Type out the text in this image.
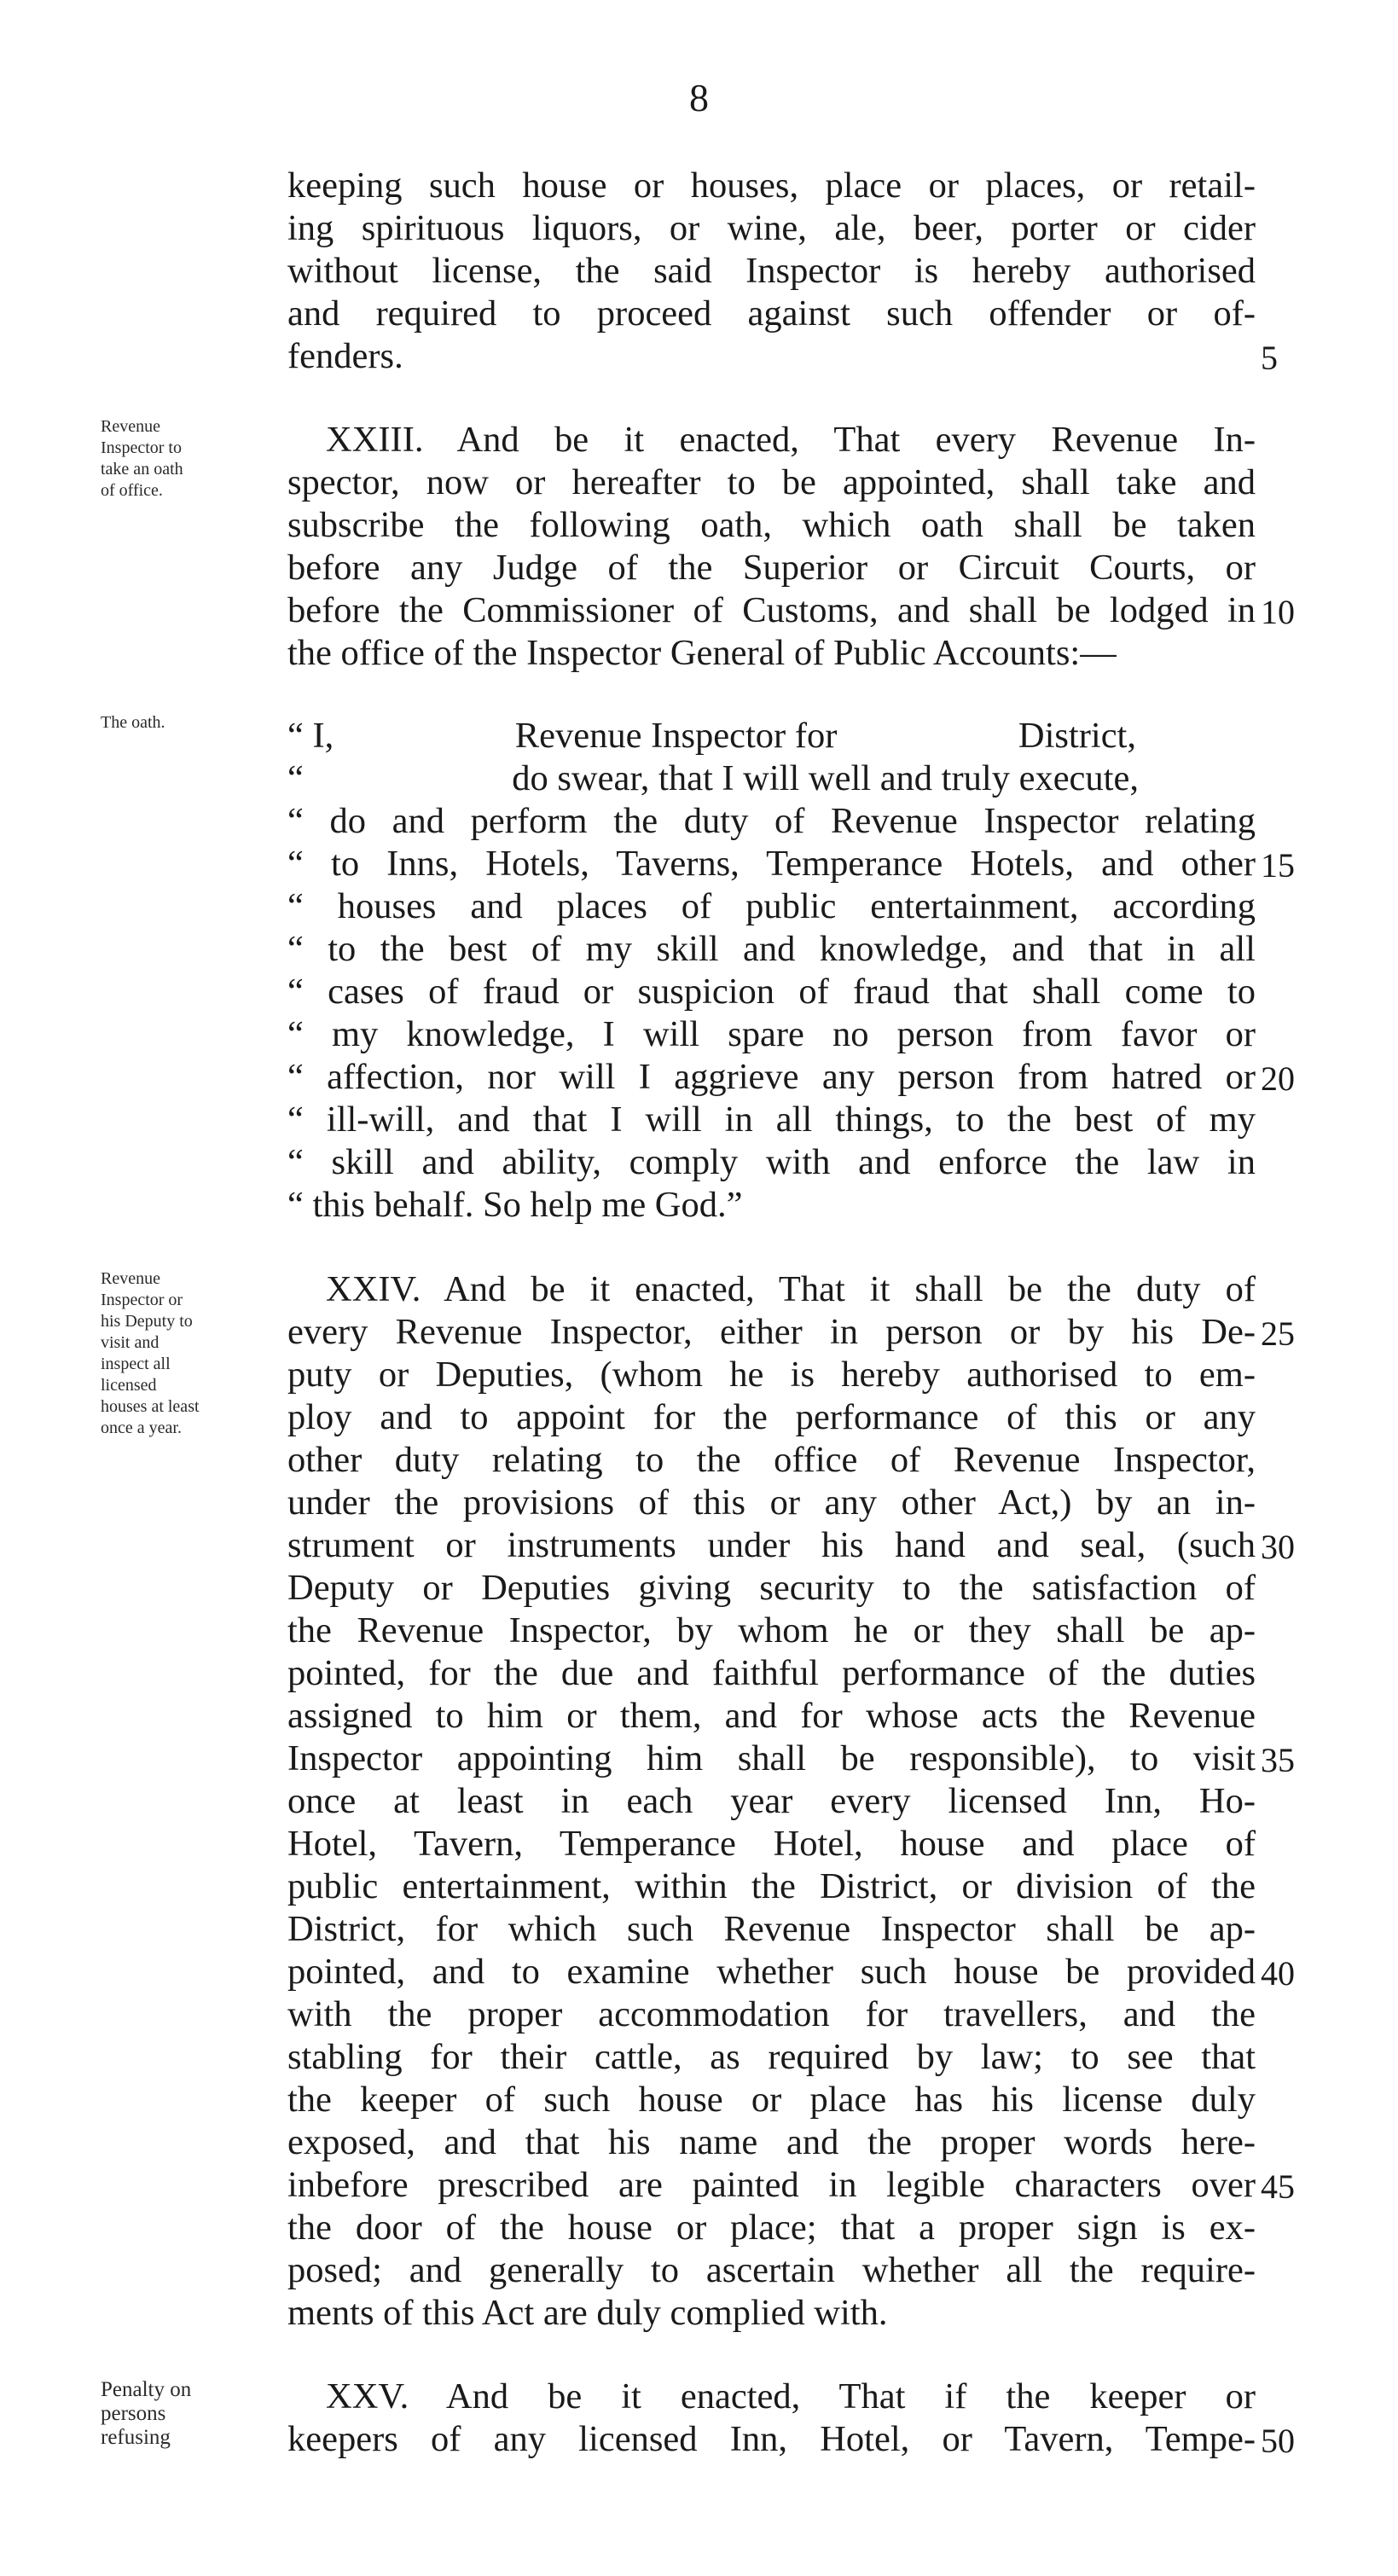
8
Revenue
Inspector to
take an oath
of office.
The oath.
Revenue
Inspector or
his Deputy to
visit and
inspect all
licensed
houses at least
once a year.
Penalty on
persons
refusing
keeping such house or houses, place or places, or retail-
ing spirituous liquors, or wine, ale, beer, porter or cider
without license, the said Inspector is hereby authorised
and required to proceed against such offender or of-
fenders.
XXIII. And be it enacted, That every Revenue In-
spector, now or hereafter to be appointed, shall take and
subscribe the following oath, which oath shall be taken
before any Judge of the Superior or Circuit Courts, or
before the Commissioner of Customs, and shall be lodged in
the office of the Inspector General of Public Accounts:—
“ I,                    Revenue Inspector for                    District,
“                       do swear, that I will well and truly execute,
“ do and perform the duty of Revenue Inspector relating
“ to Inns, Hotels, Taverns, Temperance Hotels, and other
“ houses and places of public entertainment, according
“ to the best of my skill and knowledge, and that in all
“ cases of fraud or suspicion of fraud that shall come to
“ my knowledge, I will spare no person from favor or
“ affection, nor will I aggrieve any person from hatred or
“ ill-will, and that I will in all things, to the best of my
“ skill and ability, comply with and enforce the law in
“ this behalf. So help me God.”
XXIV. And be it enacted, That it shall be the duty of
every Revenue Inspector, either in person or by his De-
puty or Deputies, (whom he is hereby authorised to em-
ploy and to appoint for the performance of this or any
other duty relating to the office of Revenue Inspector,
under the provisions of this or any other Act,) by an in-
strument or instruments under his hand and seal, (such
Deputy or Deputies giving security to the satisfaction of
the Revenue Inspector, by whom he or they shall be ap-
pointed, for the due and faithful performance of the duties
assigned to him or them, and for whose acts the Revenue
Inspector appointing him shall be responsible), to visit
once at least in each year every licensed Inn, Ho-
Hotel, Tavern, Temperance Hotel, house and place of
public entertainment, within the District, or division of the
District, for which such Revenue Inspector shall be ap-
pointed, and to examine whether such house be provided
with the proper accommodation for travellers, and the
stabling for their cattle, as required by law; to see that
the keeper of such house or place has his license duly
exposed, and that his name and the proper words here-
inbefore prescribed are painted in legible characters over
the door of the house or place; that a proper sign is ex-
posed; and generally to ascertain whether all the require-
ments of this Act are duly complied with.
XXV. And be it enacted, That if the keeper or
keepers of any licensed Inn, Hotel, or Tavern, Tempe-
5
10
15
20
25
30
35
40
45
50
